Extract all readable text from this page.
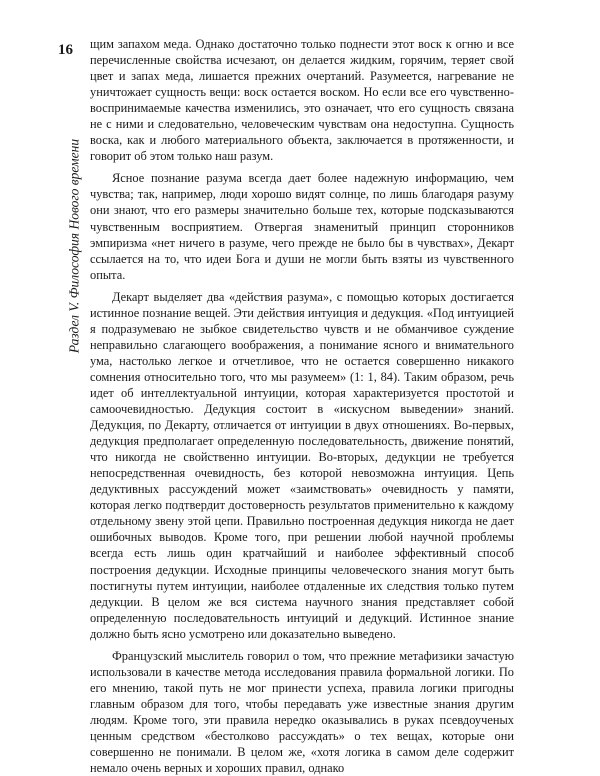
16
Раздел V. Философия Нового времени

щим запахом меда. Однако достаточно только поднести этот воск к огню и все перечисленные свойства исчезают, он делается жидким, горячим, теряет свой цвет и запах меда, лишается прежних очертаний. Разумеется, нагревание не уничтожает сущность вещи: воск остается воском. Но если все его чувственно-воспринимаемые качества изменились, это означает, что его сущность связана не с ними и следовательно, человеческим чувствам она недоступна. Сущность воска, как и любого материального объекта, заключается в протяженности, и говорит об этом только наш разум.

Ясное познание разума всегда дает более надежную информацию, чем чувства; так, например, люди хорошо видят солнце, по лишь благодаря разуму они знают, что его размеры значительно больше тех, которые подсказываются чувственным восприятием. Отвергая знаменитый принцип сторонников эмпиризма «нет ничего в разуме, чего прежде не было бы в чувствах», Декарт ссылается на то, что идеи Бога и души не могли быть взяты из чувственного опыта.

Декарт выделяет два «действия разума», с помощью которых достигается истинное познание вещей. Эти действия интуиция и дедукция. «Под интуицией я подразумеваю не зыбкое свидетельство чувств и не обманчивое суждение неправильно слагающего воображения, а понимание ясного и внимательного ума, настолько легкое и отчетливое, что не остается совершенно никакого сомнения относительно того, что мы разумеем» (1: 1, 84). Таким образом, речь идет об интеллектуальной интуиции, которая характеризуется простотой и самоочевидностью. Дедукция состоит в «искусном выведении» знаний. Дедукция, по Декарту, отличается от интуиции в двух отношениях. Во-первых, дедукция предполагает определенную последовательность, движение понятий, что никогда не свойственно интуиции. Во-вторых, дедукции не требуется непосредственная очевидность, без которой невозможна интуиция. Цепь дедуктивных рассуждений может «заимствовать» очевидность у памяти, которая легко подтвердит достоверность результатов применительно к каждому отдельному звену этой цепи. Правильно построенная дедукция никогда не дает ошибочных выводов. Кроме того, при решении любой научной проблемы всегда есть лишь один кратчайший и наиболее эффективный способ построения дедукции. Исходные принципы человеческого знания могут быть постигнуты путем интуиции, наиболее отдаленные их следствия только путем дедукции. В целом же вся система научного знания представляет собой определенную последовательность интуиций и дедукций. Истинное знание должно быть ясно усмотрено или доказательно выведено.

Французский мыслитель говорил о том, что прежние метафизики зачастую использовали в качестве метода исследования правила формальной логики. По его мнению, такой путь не мог принести успеха, правила логики пригодны главным образом для того, чтобы передавать уже известные знания другим людям. Кроме того, эти правила нередко оказывались в руках псевдоученых ценным средством «бестолково рассуждать» о тех вещах, которые они совершенно не понимали. В целом же, «хотя логика в самом деле содержит немало очень верных и хороших правил, однако
